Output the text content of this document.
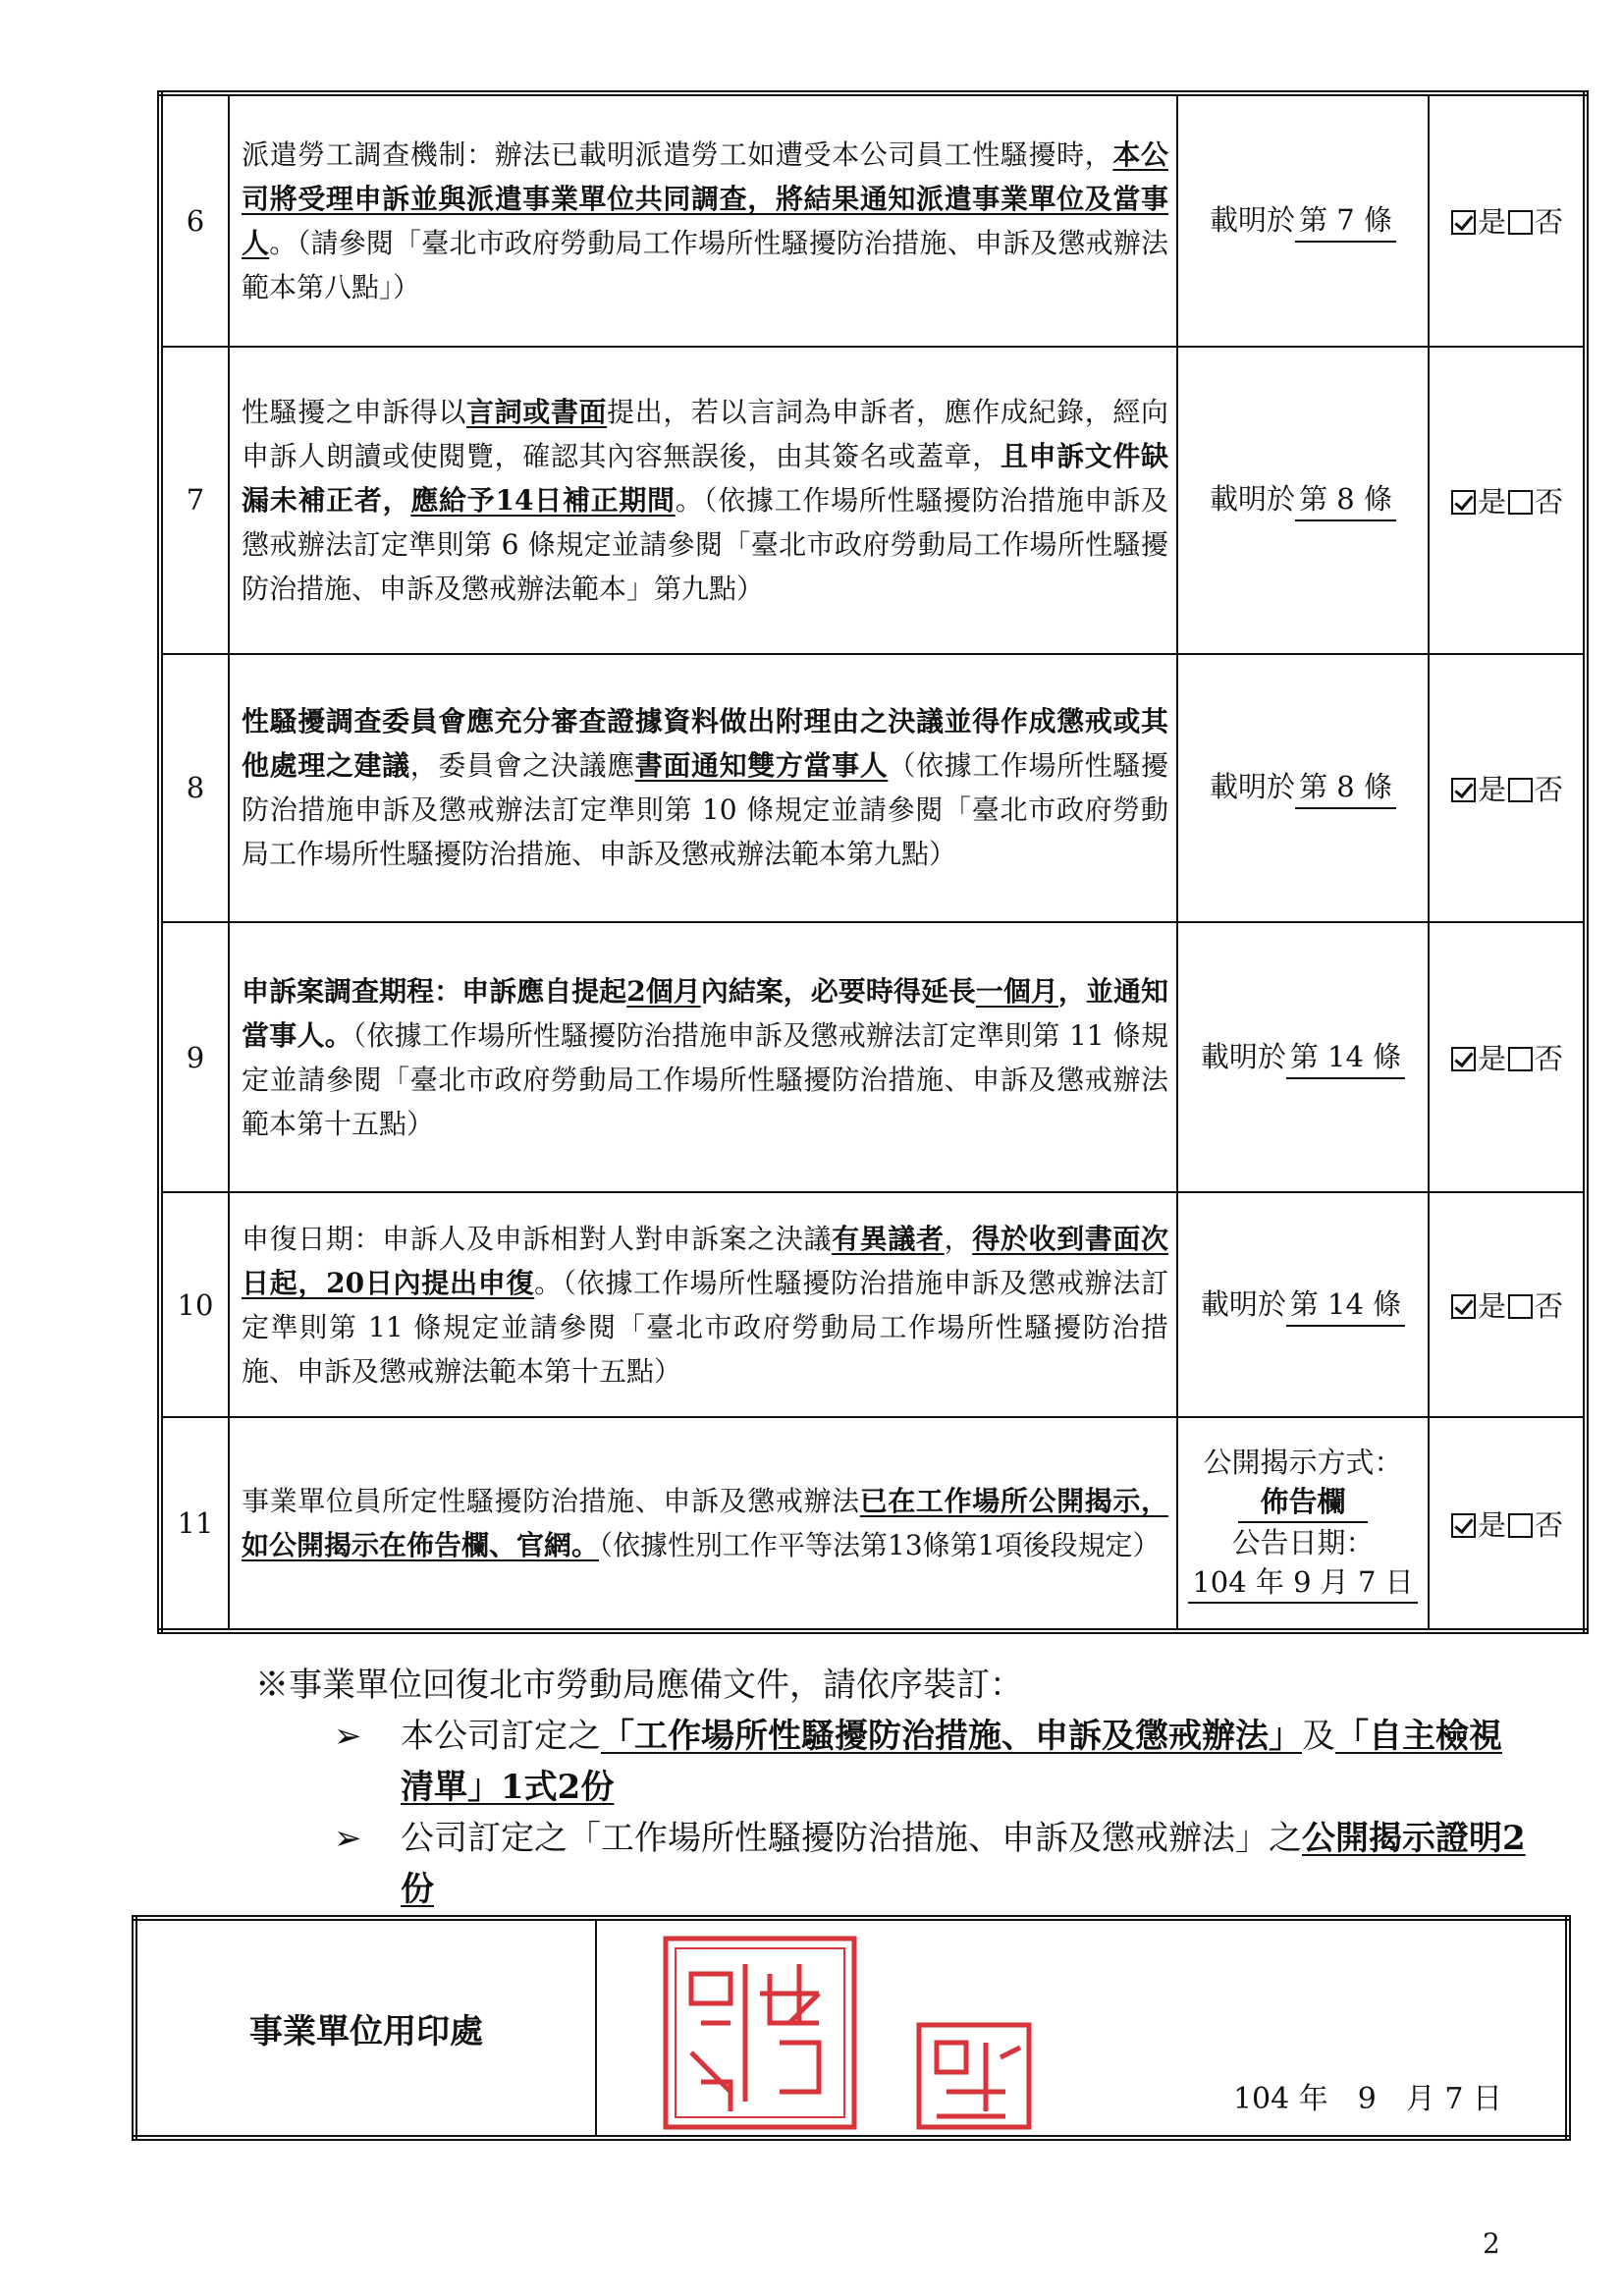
6	派遣勞工調查機制：辦法已載明派遣勞工如遭受本公司員工性騷擾時，本公司將受理申訴並與派遣事業單位共同調查，將結果通知派遣事業單位及當事人。（請參閱「臺北市政府勞動局工作場所性騷擾防治措施、申訴及懲戒辦法範本第八點」）	載明於 第 7 條	是 否
7	性騷擾之申訴得以言詞或書面提出，若以言詞為申訴者，應作成紀錄，經向申訴人朗讀或使閱覽，確認其內容無誤後，由其簽名或蓋章，且申訴文件缺漏未補正者，應給予14日補正期間。（依據工作場所性騷擾防治措施申訴及懲戒辦法訂定準則第 6 條規定並請參閱「臺北市政府勞動局工作場所性騷擾防治措施、申訴及懲戒辦法範本」第九點）	載明於 第 8 條	是 否
8	性騷擾調查委員會應充分審查證據資料做出附理由之決議並得作成懲戒或其他處理之建議，委員會之決議應書面通知雙方當事人（依據工作場所性騷擾防治措施申訴及懲戒辦法訂定準則第 10 條規定並請參閱「臺北市政府勞動局工作場所性騷擾防治措施、申訴及懲戒辦法範本第九點）	載明於 第 8 條	是 否
9	申訴案調查期程：申訴應自提起2個月內結案，必要時得延長一個月，並通知當事人。（依據工作場所性騷擾防治措施申訴及懲戒辦法訂定準則第 11 條規定並請參閱「臺北市政府勞動局工作場所性騷擾防治措施、申訴及懲戒辦法範本第十五點）	載明於 第 14 條	是 否
10	申復日期：申訴人及申訴相對人對申訴案之決議有異議者，得於收到書面次日起，20日內提出申復。（依據工作場所性騷擾防治措施申訴及懲戒辦法訂定準則第 11 條規定並請參閱「臺北市政府勞動局工作場所性騷擾防治措施、申訴及懲戒辦法範本第十五點）	載明於 第 14 條	是 否
11	事業單位員所定性騷擾防治措施、申訴及懲戒辦法已在工作場所公開揭示，如公開揭示在佈告欄、官網。（依據性別工作平等法第13條第1項後段規定）	公開揭示方式：
佈告欄
公告日期：
104 年 9 月 7 日	是 否
※事業單位回復北市勞動局應備文件，請依序裝訂：
➢ 本公司訂定之「工作場所性騷擾防治措施、申訴及懲戒辦法」及「自主檢視清單」1式2份
➢ 公司訂定之「工作場所性騷擾防治措施、申訴及懲戒辦法」之公開揭示證明2份
事業單位用印處	
104 年　9　月 7 日
2
